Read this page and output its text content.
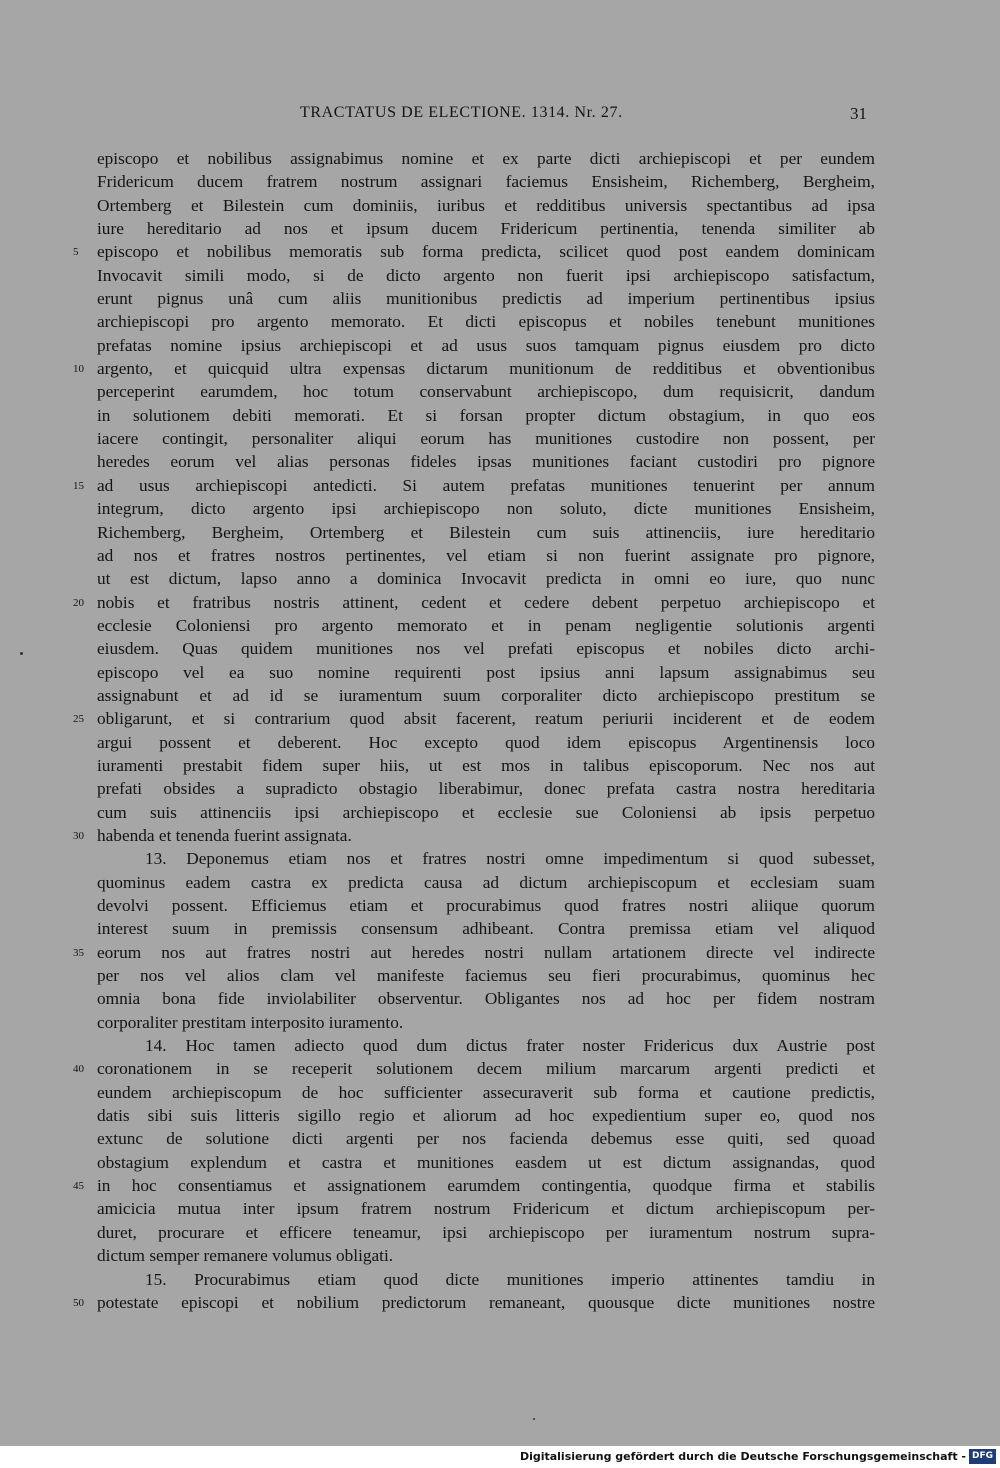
TRACTATUS DE ELECTIONE. 1314. Nr. 27.	31
episcopo et nobilibus assignabimus nomine et ex parte dicti archiepiscopi et per eundem
Fridericum ducem fratrem nostrum assignari faciemus Ensisheim, Richemberg, Bergheim,
Ortemberg et Bilestein cum dominiis, iuribus et redditibus universis spectantibus ad ipsa
iure hereditario ad nos et ipsum ducem Fridericum pertinentia, tenenda similiter ab
5	episcopo et nobilibus memoratis sub forma predicta, scilicet quod post eandem dominicam
Invocavit simili modo, si de dicto argento non fuerit ipsi archiepiscopo satisfactum,
erunt pignus unâ cum aliis munitionibus predictis ad imperium pertinentibus ipsius
archiepiscopi pro argento memorato. Et dicti episcopus et nobiles tenebunt munitiones
prefatas nomine ipsius archiepiscopi et ad usus suos tamquam pignus eiusdem pro dicto
10 argento, et quicquid ultra expensas dictarum munitionum de redditibus et obventionibus
perceperint earumdem, hoc totum conservabunt archiepiscopo, dum requisicrit, dandum
in solutionem debiti memorati. Et si forsan propter dictum obstagium, in quo eos
iacere contingit, personaliter aliqui eorum has munitiones custodire non possent, per
heredes eorum vel alias personas fideles ipsas munitiones faciant custodiri pro pignore
15 ad usus archiepiscopi antedicti. Si autem prefatas munitiones tenuerint per annum
integrum, dicto argento ipsi archiepiscopo non soluto, dicte munitiones Ensisheim,
Richemberg, Bergheim, Ortemberg et Bilestein cum suis attinenciis, iure hereditario
ad nos et fratres nostros pertinentes, vel etiam si non fuerint assignate pro pignore,
ut est dictum, lapso anno a dominica Invocavit predicta in omni eo iure, quo nunc
20 nobis et fratribus nostris attinent, cedent et cedere debent perpetuo archiepiscopo et
ecclesie Coloniensi pro argento memorato et in penam negligentie solutionis argenti
eiusdem. Quas quidem munitiones nos vel prefati episcopus et nobiles dicto archi-
episcopo vel ea suo nomine requirenti post ipsius anni lapsum assignabimus seu
assignabunt et ad id se iuramentum suum corporaliter dicto archiepiscopo prestitum se
25 obligarunt, et si contrarium quod absit facerent, reatum periurii inciderent et de eodem
argui possent et deberent. Hoc excepto quod idem episcopus Argentinensis loco
iuramenti prestabit fidem super hiis, ut est mos in talibus episcoporum. Nec nos aut
prefati obsides a supradicto obstagio liberabimur, donec prefata castra nostra hereditaria
cum suis attinenciis ipsi archiepiscopo et ecclesie sue Coloniensi ab ipsis perpetuo
30 habenda et tenenda fuerint assignata.
13. Deponemus etiam nos et fratres nostri omne impedimentum si quod subesset,
quominus eadem castra ex predicta causa ad dictum archiepiscopum et ecclesiam suam
devolvi possent. Efficiemus etiam et procurabimus quod fratres nostri aliique quorum
interest suum in premissis consensum adhibeant. Contra premissa etiam vel aliquod
35 eorum nos aut fratres nostri aut heredes nostri nullam artationem directe vel indirecte
per nos vel alios clam vel manifeste faciemus seu fieri procurabimus, quominus hec
omnia bona fide inviolabiliter observentur. Obligantes nos ad hoc per fidem nostram
corporaliter prestitam interposito iuramento.
14. Hoc tamen adiecto quod dum dictus frater noster Fridericus dux Austrie post
40 coronationem in se receperit solutionem decem milium marcarum argenti predicti et
eundem archiepiscopum de hoc sufficienter assecuraverit sub forma et cautione predictis,
datis sibi suis litteris sigillo regio et aliorum ad hoc expedientium super eo, quod nos
extunc de solutione dicti argenti per nos facienda debemus esse quiti, sed quoad
obstagium explendum et castra et munitiones easdem ut est dictum assignandas, quod
45 in hoc consentiamus et assignationem earumdem contingentia, quodque firma et stabilis
amicicia mutua inter ipsum fratrem nostrum Fridericum et dictum archiepiscopum per-
duret, procurare et efficere teneamur, ipsi archiepiscopo per iuramentum nostrum supra-
dictum semper remanere volumus obligati.
15. Procurabimus etiam quod dicte munitiones imperio attinentes tamdiu in
50 potestate episcopi et nobilium predictorum remaneant, quousque dicte munitiones nostre
Digitalisierung gefördert durch die Deutsche Forschungsgemeinschaft - DFG
